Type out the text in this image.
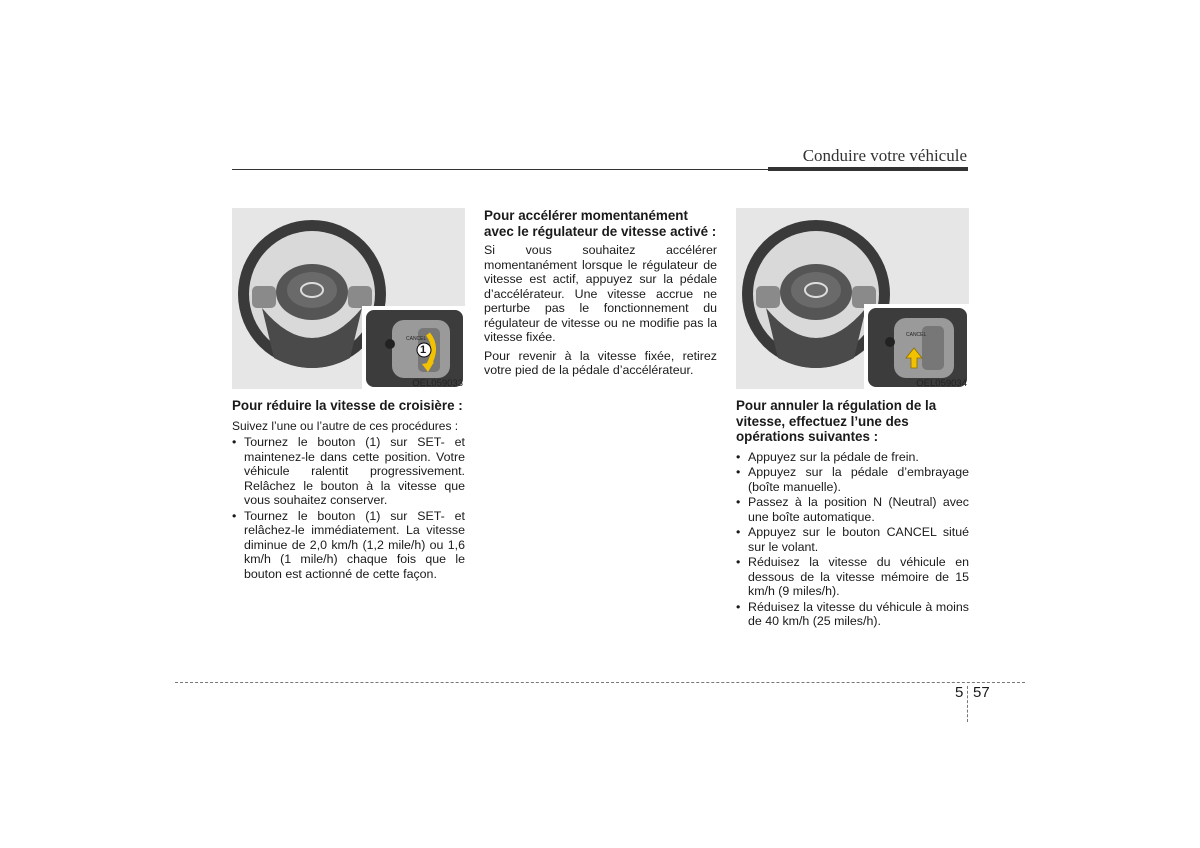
Conduire votre véhicule
CANCEL
1
OEL059033
Pour réduire la vitesse de croisière :

Suivez l’une ou l’autre de ces procédures :

• Tournez le bouton (1) sur SET- et maintenez-le dans cette position. Votre véhicule ralentit progressivement. Relâchez le bouton à la vitesse que vous souhaitez conserver.
• Tournez le bouton (1) sur SET- et relâchez-le immédiatement. La vitesse diminue de 2,0 km/h (1,2 mile/h) ou 1,6 km/h (1 mile/h) chaque fois que le bouton est actionné de cette façon.
Pour accélérer momentanément avec le régulateur de vitesse activé :

Si vous souhaitez accélérer momentanément lorsque le régulateur de vitesse est actif, appuyez sur la pédale d’accélérateur. Une vitesse accrue ne perturbe pas le fonctionnement du régulateur de vitesse ou ne modifie pas la vitesse fixée.

Pour revenir à la vitesse fixée, retirez votre pied de la pédale d’accélérateur.

CANCEL
OEL059034
Pour annuler la régulation de la vitesse, effectuez l’une des opérations suivantes :
• Appuyez sur la pédale de frein.
• Appuyez sur la pédale d’embrayage (boîte manuelle).
• Passez à la position N (Neutral) avec une boîte automatique.
• Appuyez sur le bouton CANCEL situé sur le volant.
• Réduisez la vitesse du véhicule en dessous de la vitesse mémoire de 15 km/h (9 miles/h).
• Réduisez la vitesse du véhicule à moins de 40 km/h (25 miles/h).
5 57
